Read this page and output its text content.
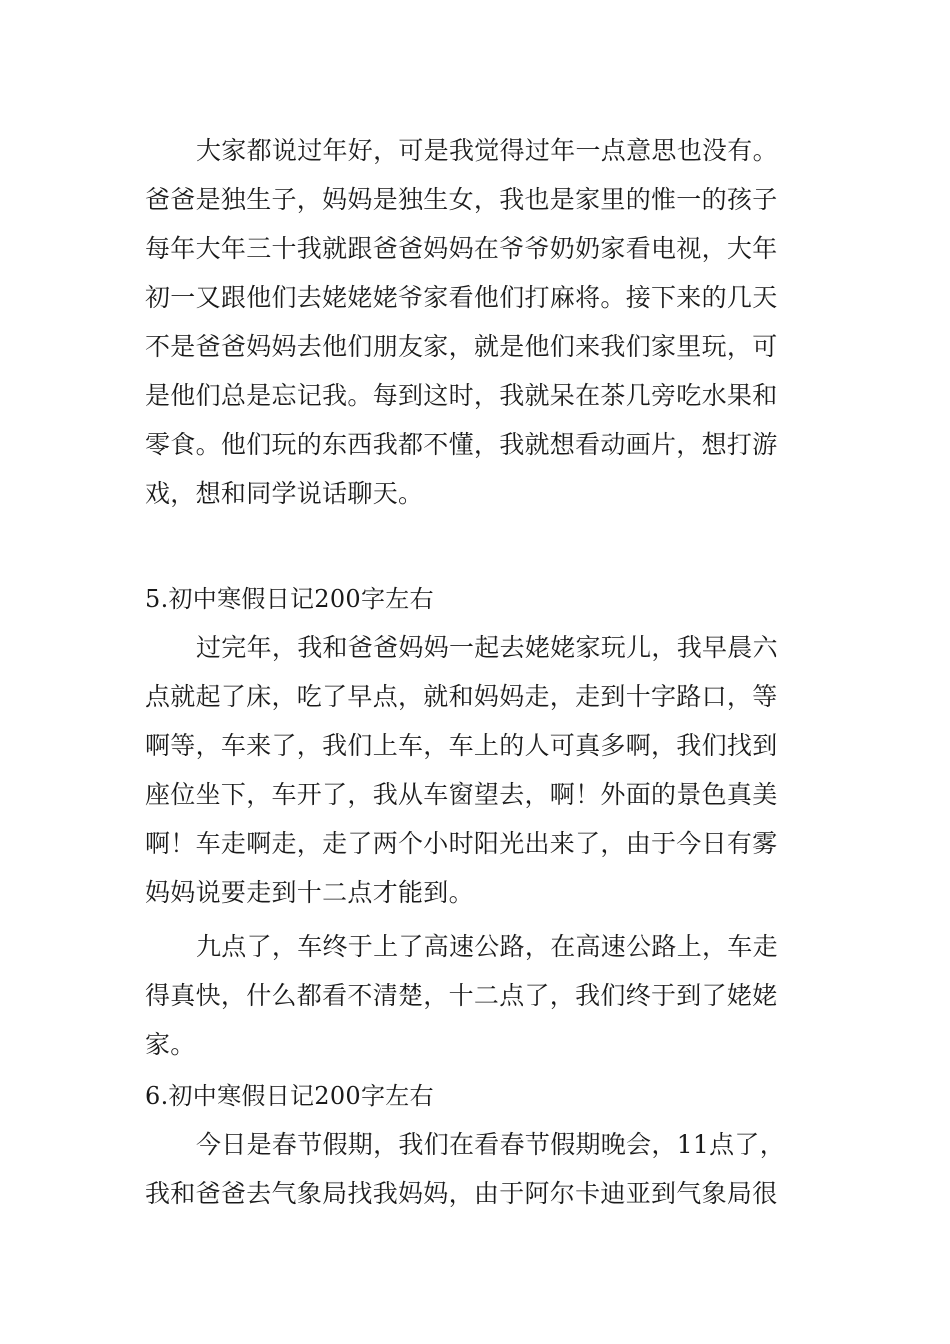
大家都说过年好，可是我觉得过年一点意思也没有。
爸爸是独生子，妈妈是独生女，我也是家里的惟一的孩子
每年大年三十我就跟爸爸妈妈在爷爷奶奶家看电视，大年
初一又跟他们去姥姥姥爷家看他们打麻将。接下来的几天
不是爸爸妈妈去他们朋友家，就是他们来我们家里玩，可
是他们总是忘记我。每到这时，我就呆在茶几旁吃水果和
零食。他们玩的东西我都不懂，我就想看动画片，想打游
戏，想和同学说话聊天。
5.初中寒假日记200字左右
过完年，我和爸爸妈妈一起去姥姥家玩儿，我早晨六
点就起了床，吃了早点，就和妈妈走，走到十字路口，等
啊等，车来了，我们上车，车上的人可真多啊，我们找到
座位坐下，车开了，我从车窗望去，啊！外面的景色真美
啊！车走啊走，走了两个小时阳光出来了，由于今日有雾
妈妈说要走到十二点才能到。
九点了，车终于上了高速公路，在高速公路上，车走
得真快，什么都看不清楚，十二点了，我们终于到了姥姥
家。
6.初中寒假日记200字左右
今日是春节假期，我们在看春节假期晚会，11点了，
我和爸爸去气象局找我妈妈，由于阿尔卡迪亚到气象局很
